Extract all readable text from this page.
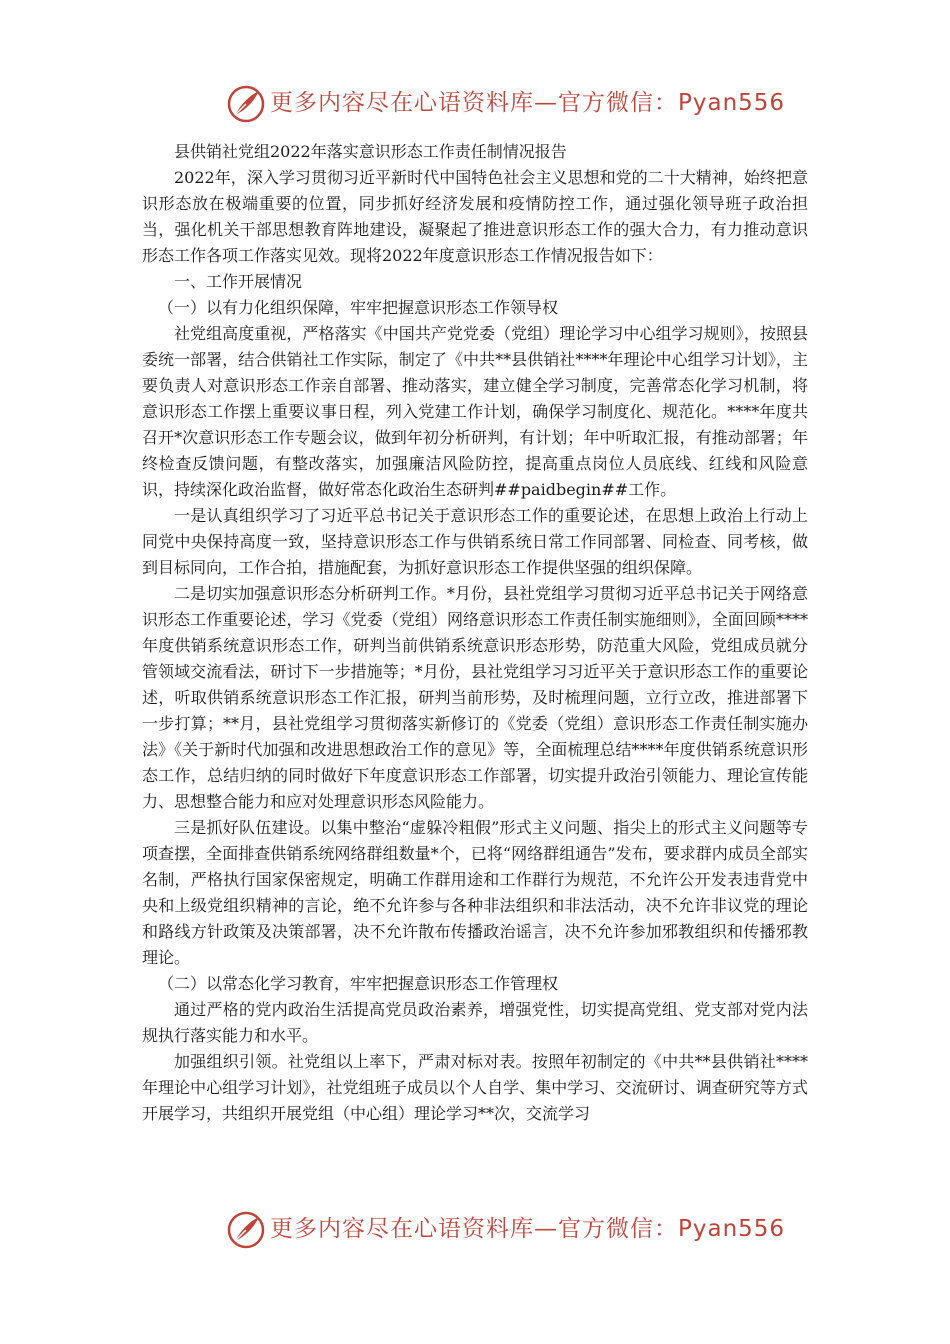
更多内容尽在心语资料库—官方微信：Pyan556

县供销社党组2022年落实意识形态工作责任制情况报告

2022年，深入学习贯彻习近平新时代中国特色社会主义思想和党的二十大精神，始终把意识形态放在极端重要的位置，同步抓好经济发展和疫情防控工作，通过强化领导班子政治担当，强化机关干部思想教育阵地建设，凝聚起了推进意识形态工作的强大合力，有力推动意识形态工作各项工作落实见效。现将2022年度意识形态工作情况报告如下：

一、工作开展情况

（一）以有力化组织保障，牢牢把握意识形态工作领导权

社党组高度重视，严格落实《中国共产党党委（党组）理论学习中心组学习规则》，按照县委统一部署，结合供销社工作实际，制定了《中共**县供销社****年理论中心组学习计划》，主要负责人对意识形态工作亲自部署、推动落实，建立健全学习制度，完善常态化学习机制，将意识形态工作摆上重要议事日程，列入党建工作计划，确保学习制度化、规范化。****年度共召开*次意识形态工作专题会议，做到年初分析研判，有计划；年中听取汇报，有推动部署；年终检查反馈问题，有整改落实，加强廉洁风险防控，提高重点岗位人员底线、红线和风险意识，持续深化政治监督，做好常态化政治生态研判##paidbegin##工作。

一是认真组织学习了习近平总书记关于意识形态工作的重要论述，在思想上政治上行动上同党中央保持高度一致，坚持意识形态工作与供销系统日常工作同部署、同检查、同考核，做到目标同向，工作合拍，措施配套，为抓好意识形态工作提供坚强的组织保障。

二是切实加强意识形态分析研判工作。*月份，县社党组学习贯彻习近平总书记关于网络意识形态工作重要论述，学习《党委（党组）网络意识形态工作责任制实施细则》，全面回顾****年度供销系统意识形态工作，研判当前供销系统意识形态形势，防范重大风险，党组成员就分管领域交流看法，研讨下一步措施等；*月份，县社党组学习习近平关于意识形态工作的重要论述，听取供销系统意识形态工作汇报，研判当前形势，及时梳理问题，立行立改，推进部署下一步打算；**月，县社党组学习贯彻落实新修订的《党委（党组）意识形态工作责任制实施办法》《关于新时代加强和改进思想政治工作的意见》等，全面梳理总结****年度供销系统意识形态工作，总结归纳的同时做好下年度意识形态工作部署，切实提升政治引领能力、理论宣传能力、思想整合能力和应对处理意识形态风险能力。

三是抓好队伍建设。以集中整治“虚躲冷粗假”形式主义问题、指尖上的形式主义问题等专项查摆，全面排查供销系统网络群组数量*个，已将“网络群组通告”发布，要求群内成员全部实名制，严格执行国家保密规定，明确工作群用途和工作群行为规范，不允许公开发表违背党中央和上级党组织精神的言论，绝不允许参与各种非法组织和非法活动，决不允许非议党的理论和路线方针政策及决策部署，决不允许散布传播政治谣言，决不允许参加邪教组织和传播邪教理论。

（二）以常态化学习教育，牢牢把握意识形态工作管理权

通过严格的党内政治生活提高党员政治素养，增强党性，切实提高党组、党支部对党内法规执行落实能力和水平。

加强组织引领。社党组以上率下，严肃对标对表。按照年初制定的《中共**县供销社****年理论中心组学习计划》，社党组班子成员以个人自学、集中学习、交流研讨、调查研究等方式开展学习，共组织开展党组（中心组）理论学习**次，交流学习

更多内容尽在心语资料库—官方微信：Pyan556
